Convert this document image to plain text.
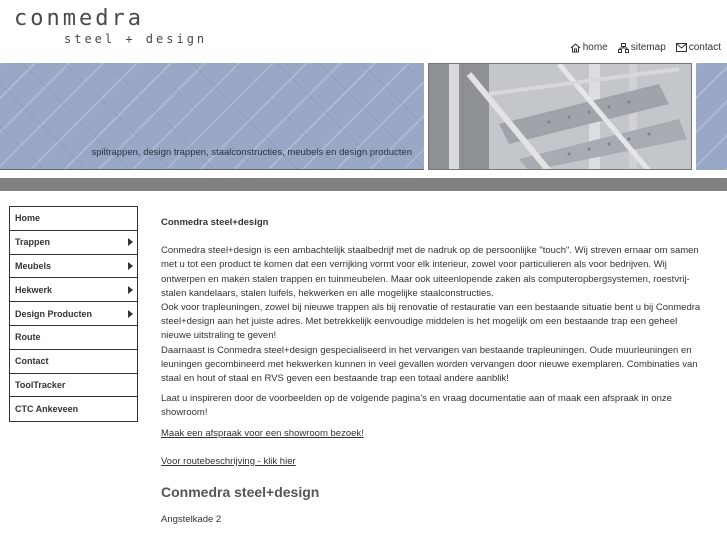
conmedra
steel + design
home sitemap contact
spiltrappen, design trappen, staalconstructies, meubels en design producten
Home
Trappen
Meubels
Hekwerk
Design Producten
Route
Contact
ToolTracker
CTC Ankeveen
Conmedra steel+design

Conmedra steel+design is een ambachtelijk staalbedrijf met de nadruk op de persoonlijke "touch". Wij streven ernaar om samen met u tot een product te komen dat een verrijking vormt voor elk interieur, zowel voor particulieren als voor bedrijven. Wij ontwerpen en maken stalen trappen en tuinmeubelen. Maar ook uiteenlopende zaken als computeropbergsystemen, roestvrij-stalen kandelaars, stalen luifels, hekwerken en alle mogelijke staalconstructies.

Ook voor trapleuningen, zowel bij nieuwe trappen als bij renovatie of restauratie van een bestaande situatie bent u bij Conmedra steel+design aan het juiste adres. Met betrekkelijk eenvoudige middelen is het mogelijk om een bestaande trap een geheel nieuwe uitstraling te geven!

Daarnaast is Conmedra steel+design gespecialiseerd in het vervangen van bestaande trapleuningen. Oude muurleuningen en leuningen gecombineerd met hekwerken kunnen in veel gevallen worden vervangen door nieuwe exemplaren. Combinaties van staal en hout of staal en RVS geven een bestaande trap een totaal andere aanblik!

Laat u inspireren door de voorbeelden op de volgende pagina's en vraag documentatie aan of maak een afspraak in onze showroom!

Maak een afspraak voor een showroom bezoek!
Voor routebeschrijving - klik hier
Conmedra steel+design

Angstelkade 2
